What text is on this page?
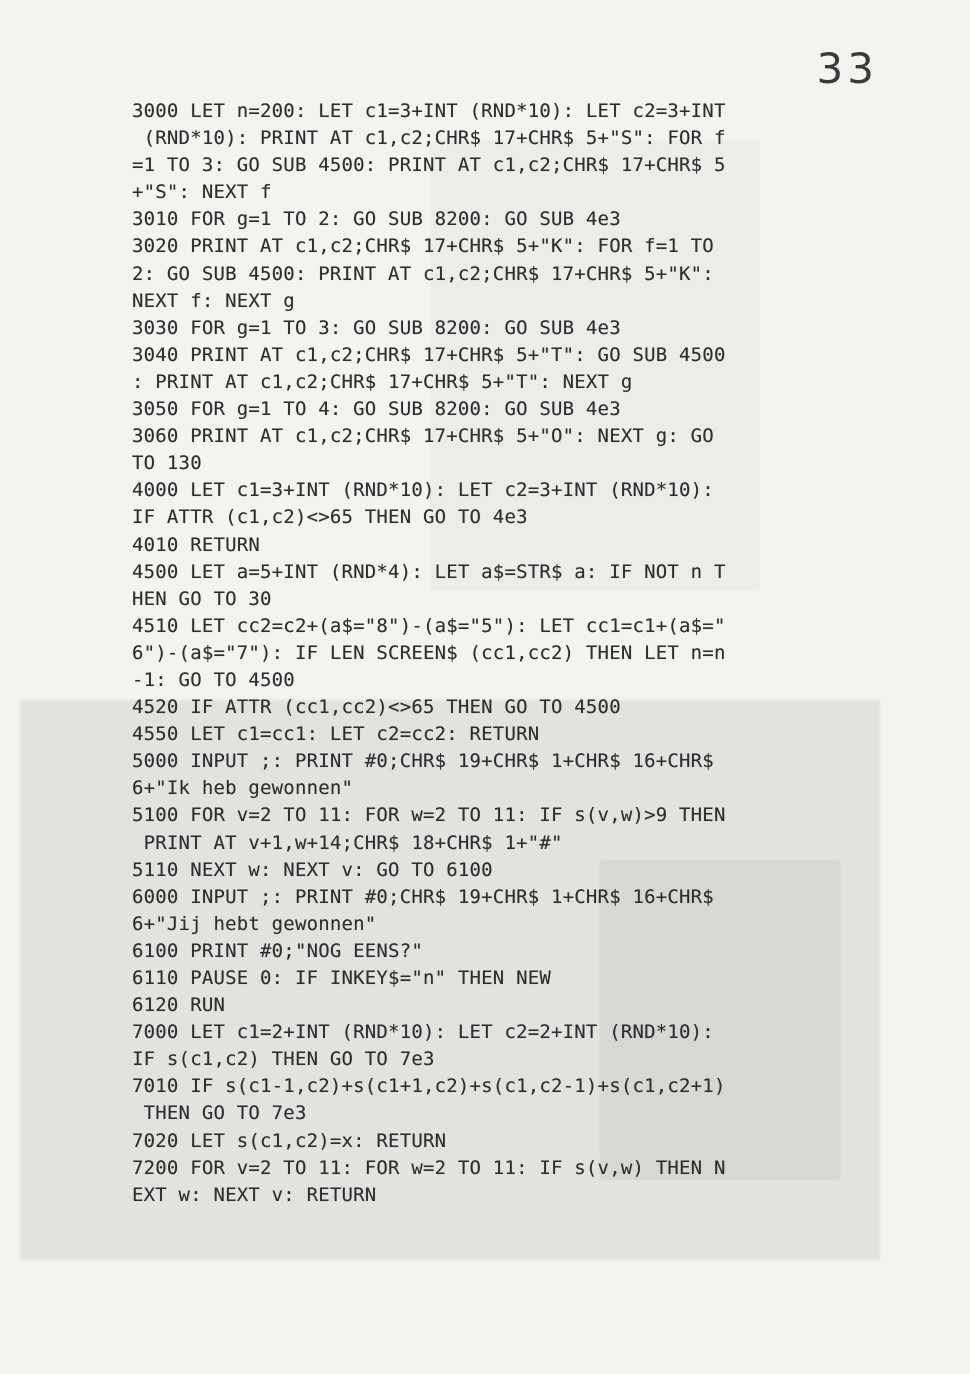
33

3000 LET n=200: LET c1=3+INT (RND*10): LET c2=3+INT
(RND*10): PRINT AT c1,c2;CHR$ 17+CHR$ 5+"S": FOR f
=1 TO 3: GO SUB 4500: PRINT AT c1,c2;CHR$ 17+CHR$ 5
+"S": NEXT f
3010 FOR g=1 TO 2: GO SUB 8200: GO SUB 4e3
3020 PRINT AT c1,c2;CHR$ 17+CHR$ 5+"K": FOR f=1 TO
2: GO SUB 4500: PRINT AT c1,c2;CHR$ 17+CHR$ 5+"K":
NEXT f: NEXT g
3030 FOR g=1 TO 3: GO SUB 8200: GO SUB 4e3
3040 PRINT AT c1,c2;CHR$ 17+CHR$ 5+"T": GO SUB 4500
: PRINT AT c1,c2;CHR$ 17+CHR$ 5+"T": NEXT g
3050 FOR g=1 TO 4: GO SUB 8200: GO SUB 4e3
3060 PRINT AT c1,c2;CHR$ 17+CHR$ 5+"O": NEXT g: GO
TO 130
4000 LET c1=3+INT (RND*10): LET c2=3+INT (RND*10):
IF ATTR (c1,c2)<>65 THEN GO TO 4e3
4010 RETURN
4500 LET a=5+INT (RND*4): LET a$=STR$ a: IF NOT n T
HEN GO TO 30
4510 LET cc2=c2+(a$="8")-(a$="5"): LET cc1=c1+(a$="
6")-(a$="7"): IF LEN SCREEN$ (cc1,cc2) THEN LET n=n
-1: GO TO 4500
4520 IF ATTR (cc1,cc2)<>65 THEN GO TO 4500
4550 LET c1=cc1: LET c2=cc2: RETURN
5000 INPUT ;: PRINT #0;CHR$ 19+CHR$ 1+CHR$ 16+CHR$
6+"Ik heb gewonnen"
5100 FOR v=2 TO 11: FOR w=2 TO 11: IF s(v,w)>9 THEN
PRINT AT v+1,w+14;CHR$ 18+CHR$ 1+"#"
5110 NEXT w: NEXT v: GO TO 6100
6000 INPUT ;: PRINT #0;CHR$ 19+CHR$ 1+CHR$ 16+CHR$
6+"Jij hebt gewonnen"
6100 PRINT #0;"NOG EENS?"
6110 PAUSE 0: IF INKEY$="n" THEN NEW
6120 RUN
7000 LET c1=2+INT (RND*10): LET c2=2+INT (RND*10):
IF s(c1,c2) THEN GO TO 7e3
7010 IF s(c1-1,c2)+s(c1+1,c2)+s(c1,c2-1)+s(c1,c2+1)
THEN GO TO 7e3
7020 LET s(c1,c2)=x: RETURN
7200 FOR v=2 TO 11: FOR w=2 TO 11: IF s(v,w) THEN N
EXT w: NEXT v: RETURN
